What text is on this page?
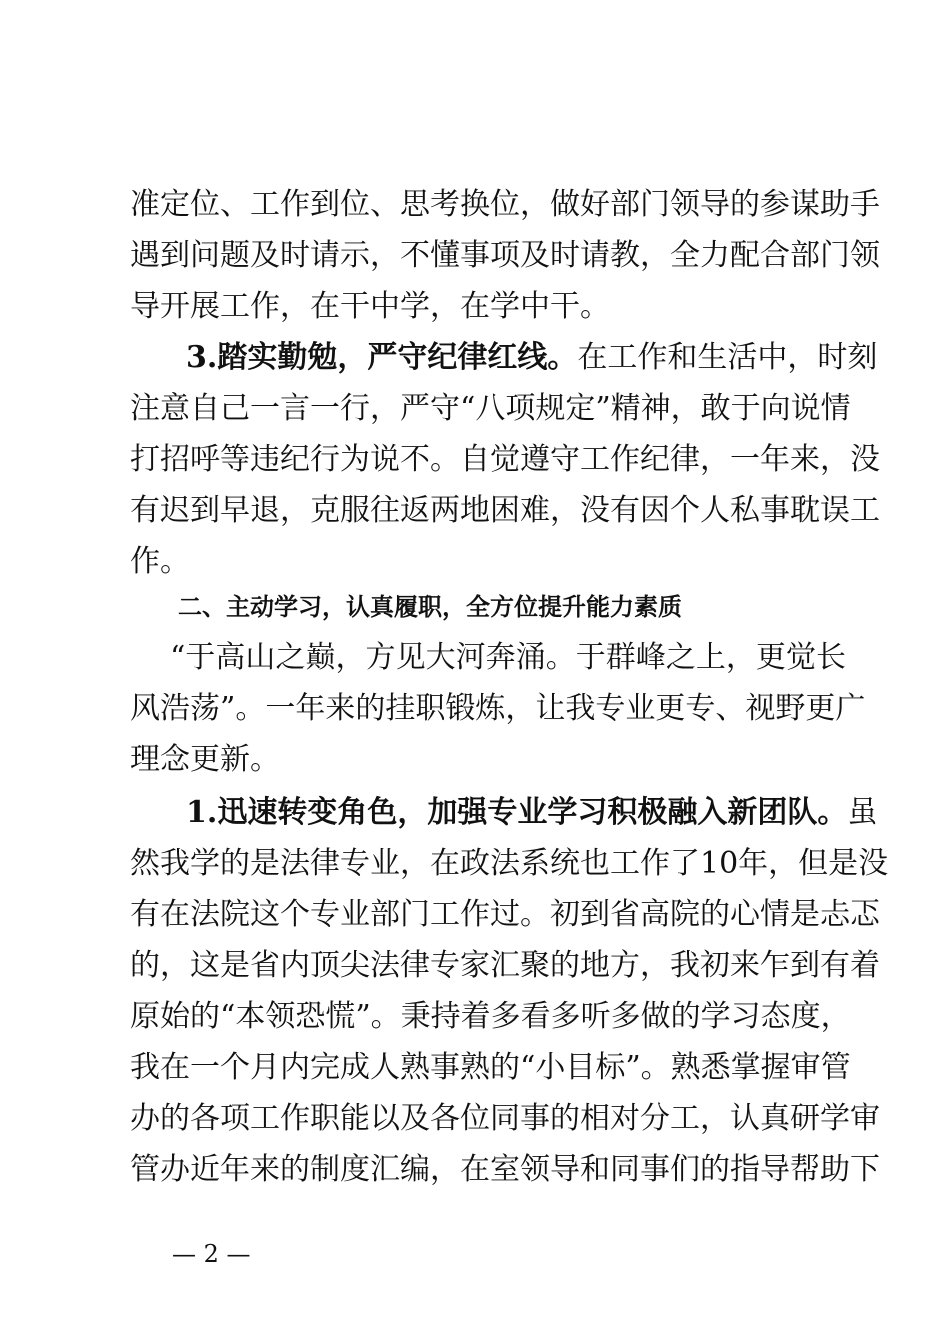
准定位、工作到位、思考换位，做好部门领导的参谋助手
遇到问题及时请示，不懂事项及时请教，全力配合部门领
导开展工作，在干中学，在学中干。
3.踏实勤勉，严守纪律红线。在工作和生活中，时刻
注意自己一言一行，严守“八项规定”精神，敢于向说情
打招呼等违纪行为说不。自觉遵守工作纪律，一年来，没
有迟到早退，克服往返两地困难，没有因个人私事耽误工
作。
二、主动学习，认真履职，全方位提升能力素质
“于高山之巅，方见大河奔涌。于群峰之上，更觉长
风浩荡”。一年来的挂职锻炼，让我专业更专、视野更广
理念更新。
1.迅速转变角色，加强专业学习积极融入新团队。虽
然我学的是法律专业，在政法系统也工作了10年，但是没
有在法院这个专业部门工作过。初到省高院的心情是忐忑
的，这是省内顶尖法律专家汇聚的地方，我初来乍到有着
原始的“本领恐慌”。秉持着多看多听多做的学习态度，
我在一个月内完成人熟事熟的“小目标”。熟悉掌握审管
办的各项工作职能以及各位同事的相对分工，认真研学审
管办近年来的制度汇编，在室领导和同事们的指导帮助下
— 2 —
